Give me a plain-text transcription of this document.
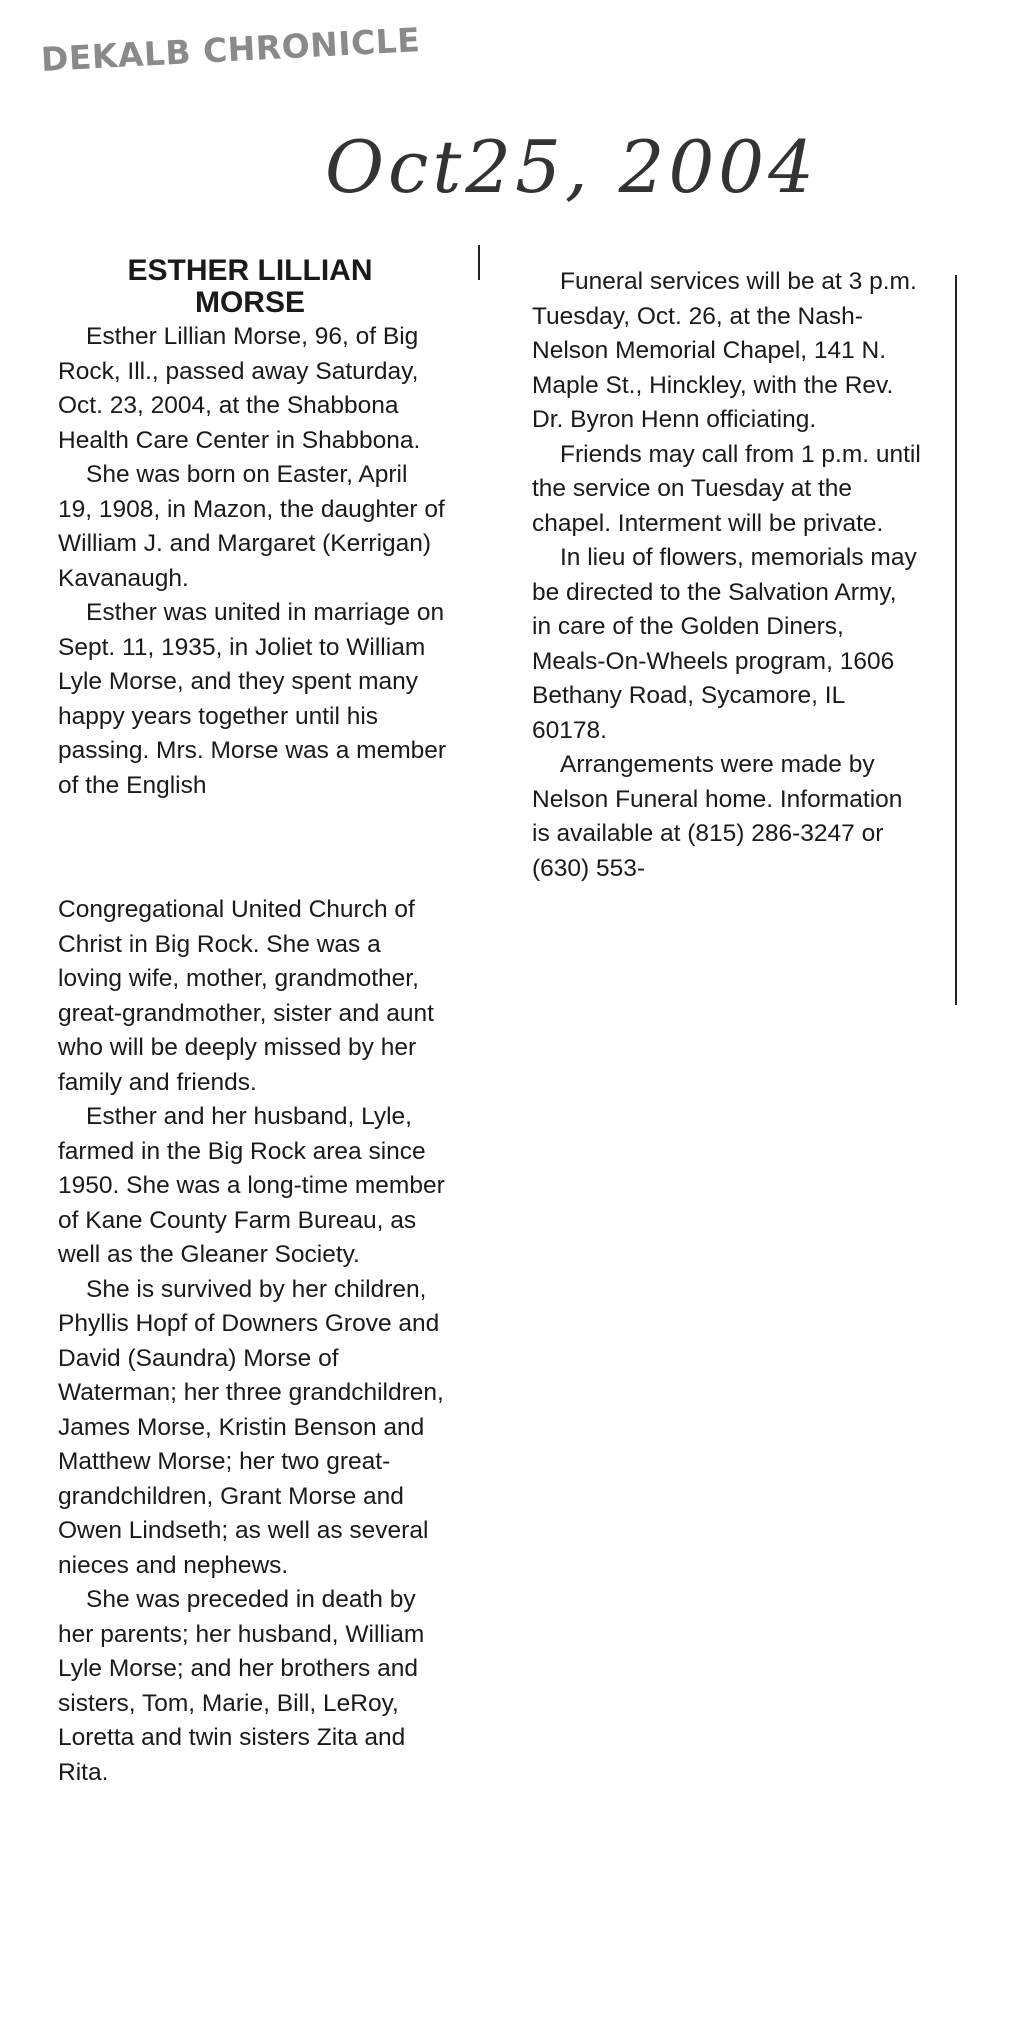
DEKALB CHRONICLE
Oct25, 2004
ESTHER LILLIAN
MORSE

Esther Lillian Morse, 96, of Big Rock, Ill., passed away Saturday, Oct. 23, 2004, at the Shabbona Health Care Center in Shabbona.

She was born on Easter, April 19, 1908, in Mazon, the daughter of William J. and Margaret (Kerrigan) Kavanaugh.

Esther was united in marriage on Sept. 11, 1935, in Joliet to William Lyle Morse, and they spent many happy years together until his passing. Mrs. Morse was a member of the English

Congregational United Church of Christ in Big Rock. She was a loving wife, mother, grandmother, great-grandmother, sister and aunt who will be deeply missed by her family and friends.

Esther and her husband, Lyle, farmed in the Big Rock area since 1950. She was a long-time member of Kane County Farm Bureau, as well as the Gleaner Society.

She is survived by her children, Phyllis Hopf of Downers Grove and David (Saundra) Morse of Waterman; her three grandchildren, James Morse, Kristin Benson and Matthew Morse; her two great-grandchildren, Grant Morse and Owen Lindseth; as well as several nieces and nephews.

She was preceded in death by her parents; her husband, William Lyle Morse; and her brothers and sisters, Tom, Marie, Bill, LeRoy, Loretta and twin sisters Zita and Rita.

Funeral services will be at 3 p.m. Tuesday, Oct. 26, at the Nash-Nelson Memorial Chapel, 141 N. Maple St., Hinckley, with the Rev. Dr. Byron Henn officiating.

Friends may call from 1 p.m. until the service on Tuesday at the chapel. Interment will be private.

In lieu of flowers, memorials may be directed to the Salvation Army, in care of the Golden Diners, Meals-On-Wheels program, 1606 Bethany Road, Sycamore, IL 60178.

Arrangements were made by Nelson Funeral home. Information is available at (815) 286-3247 or (630) 553-
